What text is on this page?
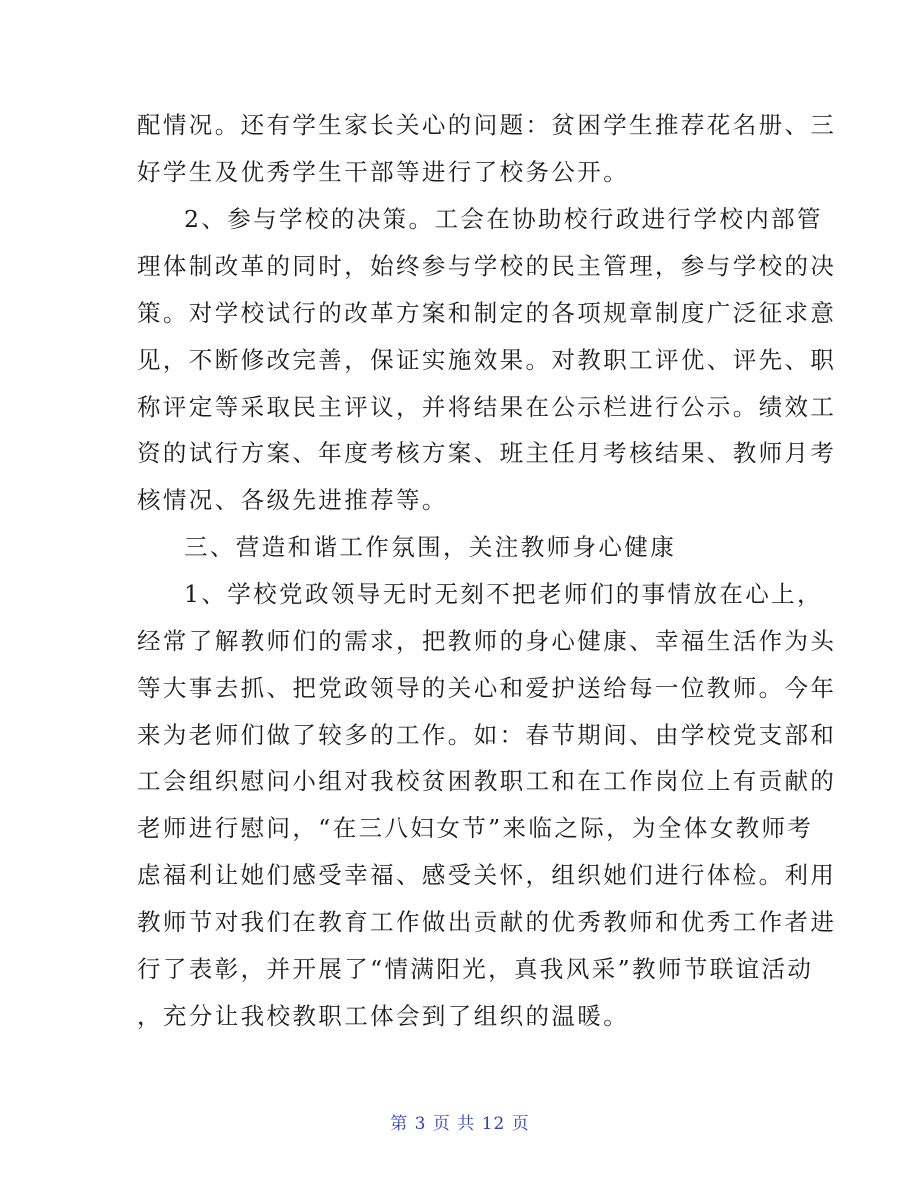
配情况。还有学生家长关心的问题：贫困学生推荐花名册、三
好学生及优秀学生干部等进行了校务公开。
2、参与学校的决策。工会在协助校行政进行学校内部管
理体制改革的同时，始终参与学校的民主管理，参与学校的决
策。对学校试行的改革方案和制定的各项规章制度广泛征求意
见，不断修改完善，保证实施效果。对教职工评优、评先、职
称评定等采取民主评议，并将结果在公示栏进行公示。绩效工
资的试行方案、年度考核方案、班主任月考核结果、教师月考
核情况、各级先进推荐等。
三、营造和谐工作氛围，关注教师身心健康
1、学校党政领导无时无刻不把老师们的事情放在心上，
经常了解教师们的需求，把教师的身心健康、幸福生活作为头
等大事去抓、把党政领导的关心和爱护送给每一位教师。今年
来为老师们做了较多的工作。如：春节期间、由学校党支部和
工会组织慰问小组对我校贫困教职工和在工作岗位上有贡献的
老师进行慰问，“在三八妇女节”来临之际，为全体女教师考
虑福利让她们感受幸福、感受关怀，组织她们进行体检。利用
教师节对我们在教育工作做出贡献的优秀教师和优秀工作者进
行了表彰，并开展了“情满阳光，真我风采”教师节联谊活动
，充分让我校教职工体会到了组织的温暖。
第 3 页 共 12 页
